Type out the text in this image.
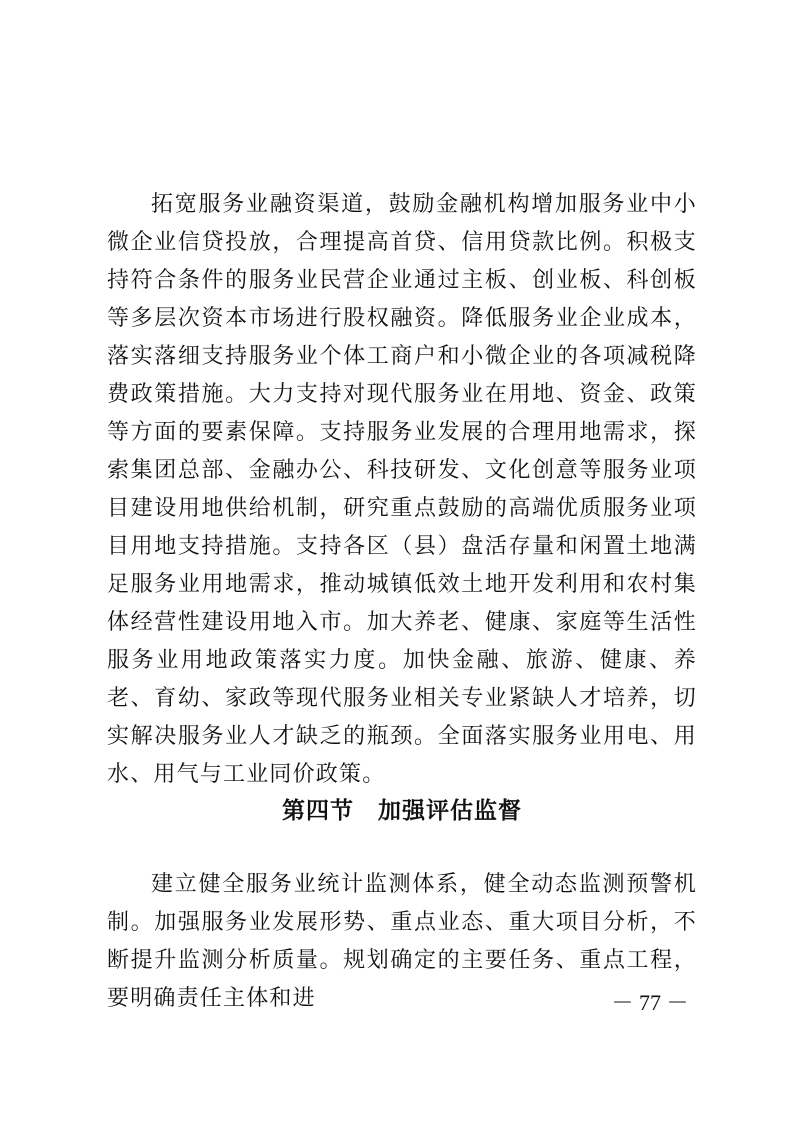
拓宽服务业融资渠道，鼓励金融机构增加服务业中小微企业信贷投放，合理提高首贷、信用贷款比例。积极支持符合条件的服务业民营企业通过主板、创业板、科创板等多层次资本市场进行股权融资。降低服务业企业成本，落实落细支持服务业个体工商户和小微企业的各项减税降费政策措施。大力支持对现代服务业在用地、资金、政策等方面的要素保障。支持服务业发展的合理用地需求，探索集团总部、金融办公、科技研发、文化创意等服务业项目建设用地供给机制，研究重点鼓励的高端优质服务业项目用地支持措施。支持各区（县）盘活存量和闲置土地满足服务业用地需求，推动城镇低效土地开发利用和农村集体经营性建设用地入市。加大养老、健康、家庭等生活性服务业用地政策落实力度。加快金融、旅游、健康、养老、育幼、家政等现代服务业相关专业紧缺人才培养，切实解决服务业人才缺乏的瓶颈。全面落实服务业用电、用水、用气与工业同价政策。

第四节　加强评估监督

建立健全服务业统计监测体系，健全动态监测预警机制。加强服务业发展形势、重点业态、重大项目分析，不断提升监测分析质量。规划确定的主要任务、重点工程，要明确责任主体和进	－ 77 －
